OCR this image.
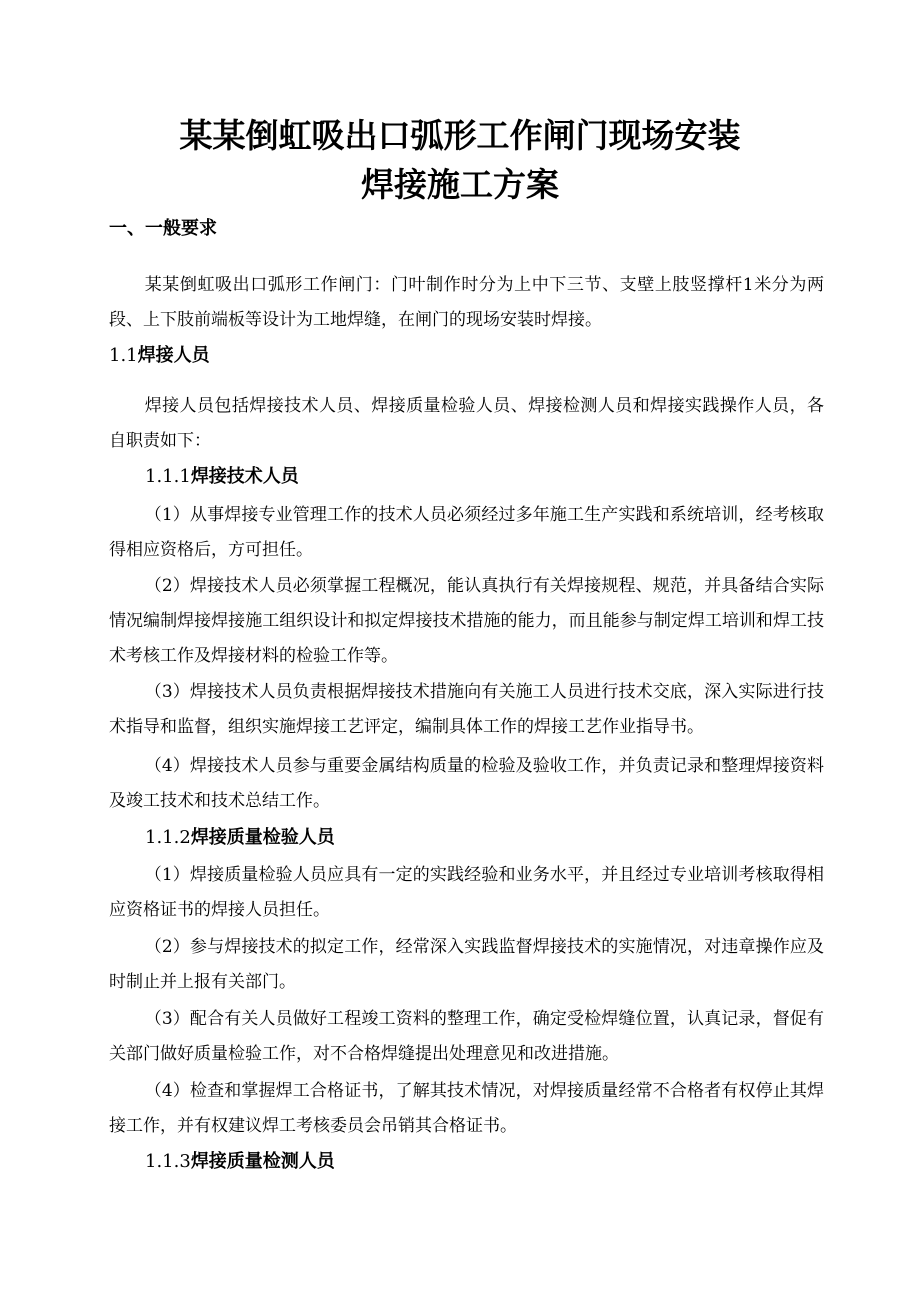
某某倒虹吸出口弧形工作闸门现场安装
焊接施工方案
一、一般要求
某某倒虹吸出口弧形工作闸门：门叶制作时分为上中下三节、支壁上肢竖撑杆1米分为两段、上下肢前端板等设计为工地焊缝，在闸门的现场安装时焊接。
1.1焊接人员
焊接人员包括焊接技术人员、焊接质量检验人员、焊接检测人员和焊接实践操作人员，各自职责如下：
1.1.1焊接技术人员
（1）从事焊接专业管理工作的技术人员必须经过多年施工生产实践和系统培训，经考核取得相应资格后，方可担任。
（2）焊接技术人员必须掌握工程概况，能认真执行有关焊接规程、规范，并具备结合实际情况编制焊接焊接施工组织设计和拟定焊接技术措施的能力，而且能参与制定焊工培训和焊工技术考核工作及焊接材料的检验工作等。
（3）焊接技术人员负责根据焊接技术措施向有关施工人员进行技术交底，深入实际进行技术指导和监督，组织实施焊接工艺评定，编制具体工作的焊接工艺作业指导书。
（4）焊接技术人员参与重要金属结构质量的检验及验收工作，并负责记录和整理焊接资料及竣工技术和技术总结工作。
1.1.2焊接质量检验人员
（1）焊接质量检验人员应具有一定的实践经验和业务水平，并且经过专业培训考核取得相应资格证书的焊接人员担任。
（2）参与焊接技术的拟定工作，经常深入实践监督焊接技术的实施情况，对违章操作应及时制止并上报有关部门。
（3）配合有关人员做好工程竣工资料的整理工作，确定受检焊缝位置，认真记录，督促有关部门做好质量检验工作，对不合格焊缝提出处理意见和改进措施。
（4）检查和掌握焊工合格证书，了解其技术情况，对焊接质量经常不合格者有权停止其焊接工作，并有权建议焊工考核委员会吊销其合格证书。
1.1.3焊接质量检测人员
